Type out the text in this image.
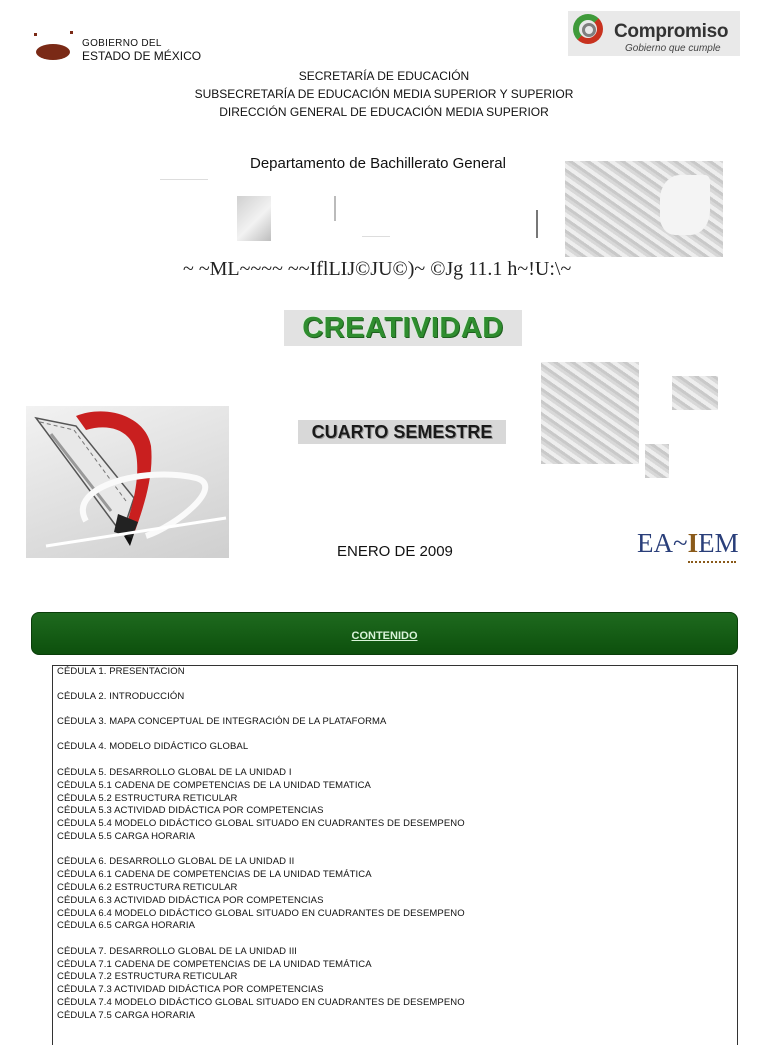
GOBIERNO DEL
ESTADO DE MÉXICO
Compromiso
Gobierno que cumple
SECRETARÍA DE EDUCACIÓN
SUBSECRETARÍA DE EDUCACIÓN MEDIA SUPERIOR Y SUPERIOR
DIRECCIÓN GENERAL DE EDUCACIÓN MEDIA SUPERIOR
Departamento de Bachillerato General
~ ~ML~~~~ ~~IflLIJ©JU©)~ ©Jg 11.1 h~!U:\~
CREATIVIDAD
CUARTO SEMESTRE
ENERO DE 2009	EA~IEM
CONTENIDO
CÉDULA 1. PRESENTACION
CÉDULA 2. INTRODUCCIÓN
CÉDULA 3. MAPA CONCEPTUAL DE INTEGRACIÓN DE LA PLATAFORMA
CÉDULA 4. MODELO DIDÁCTICO GLOBAL
CÉDULA 5. DESARROLLO GLOBAL DE LA UNIDAD I
CÉDULA 5.1 CADENA DE COMPETENCIAS DE LA UNIDAD TEMATICA
CÉDULA 5.2 ESTRUCTURA RETICULAR
CÉDULA 5.3 ACTIVIDAD DIDÁCTICA POR COMPETENCIAS
CÉDULA 5.4 MODELO DIDÁCTICO GLOBAL SITUADO EN CUADRANTES DE DESEMPENO
CÉDULA 5.5 CARGA HORARIA
CÉDULA 6. DESARROLLO GLOBAL DE LA UNIDAD II
CÉDULA 6.1 CADENA DE COMPETENCIAS DE LA UNIDAD TEMÁTICA
CÉDULA 6.2 ESTRUCTURA RETICULAR
CÉDULA 6.3 ACTIVIDAD DIDÁCTICA POR COMPETENCIAS
CÉDULA 6.4 MODELO DIDÁCTICO GLOBAL SITUADO EN CUADRANTES DE DESEMPENO
CÉDULA 6.5 CARGA HORARIA
CÉDULA 7. DESARROLLO GLOBAL DE LA UNIDAD III
CÉDULA 7.1 CADENA DE COMPETENCIAS DE LA UNIDAD TEMÁTICA
CÉDULA 7.2 ESTRUCTURA RETICULAR
CÉDULA 7.3 ACTIVIDAD DIDÁCTICA POR COMPETENCIAS
CÉDULA 7.4 MODELO DIDÁCTICO GLOBAL SITUADO EN CUADRANTES DE DESEMPENO
CÉDULA 7.5 CARGA HORARIA
